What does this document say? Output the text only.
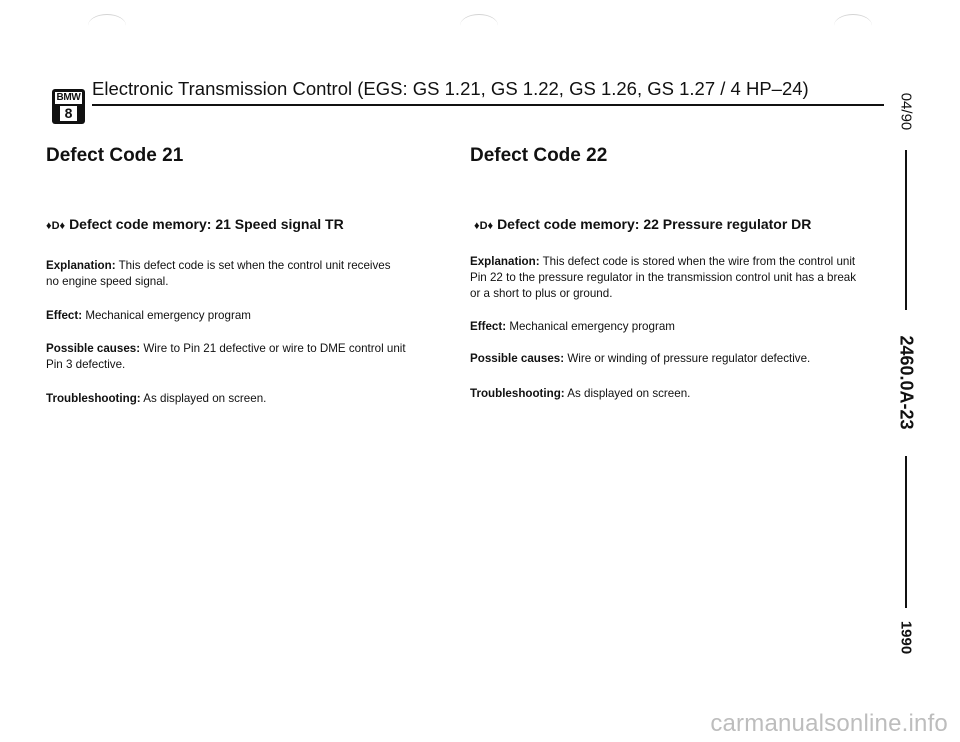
BMW
8
Electronic Transmission Control (EGS: GS 1.21, GS 1.22, GS 1.26, GS 1.27 / 4 HP–24)
04/90
2460.0A-23
1990
Defect Code 21
♦D♦ Defect code memory: 21 Speed signal TR
Explanation: This defect code is set when the control unit receives no engine speed signal.
Effect: Mechanical emergency program
Possible causes: Wire to Pin 21 defective or wire to DME control unit Pin 3 defective.
Troubleshooting: As displayed on screen.
Defect Code 22
♦D♦ Defect code memory: 22 Pressure regulator DR
Explanation: This defect code is stored when the wire from the control unit Pin 22 to the pressure regulator in the transmission control unit has a break or a short to plus or ground.
Effect: Mechanical emergency program
Possible causes: Wire or winding of pressure regulator defective.
Troubleshooting: As displayed on screen.
carmanualsonline.info
